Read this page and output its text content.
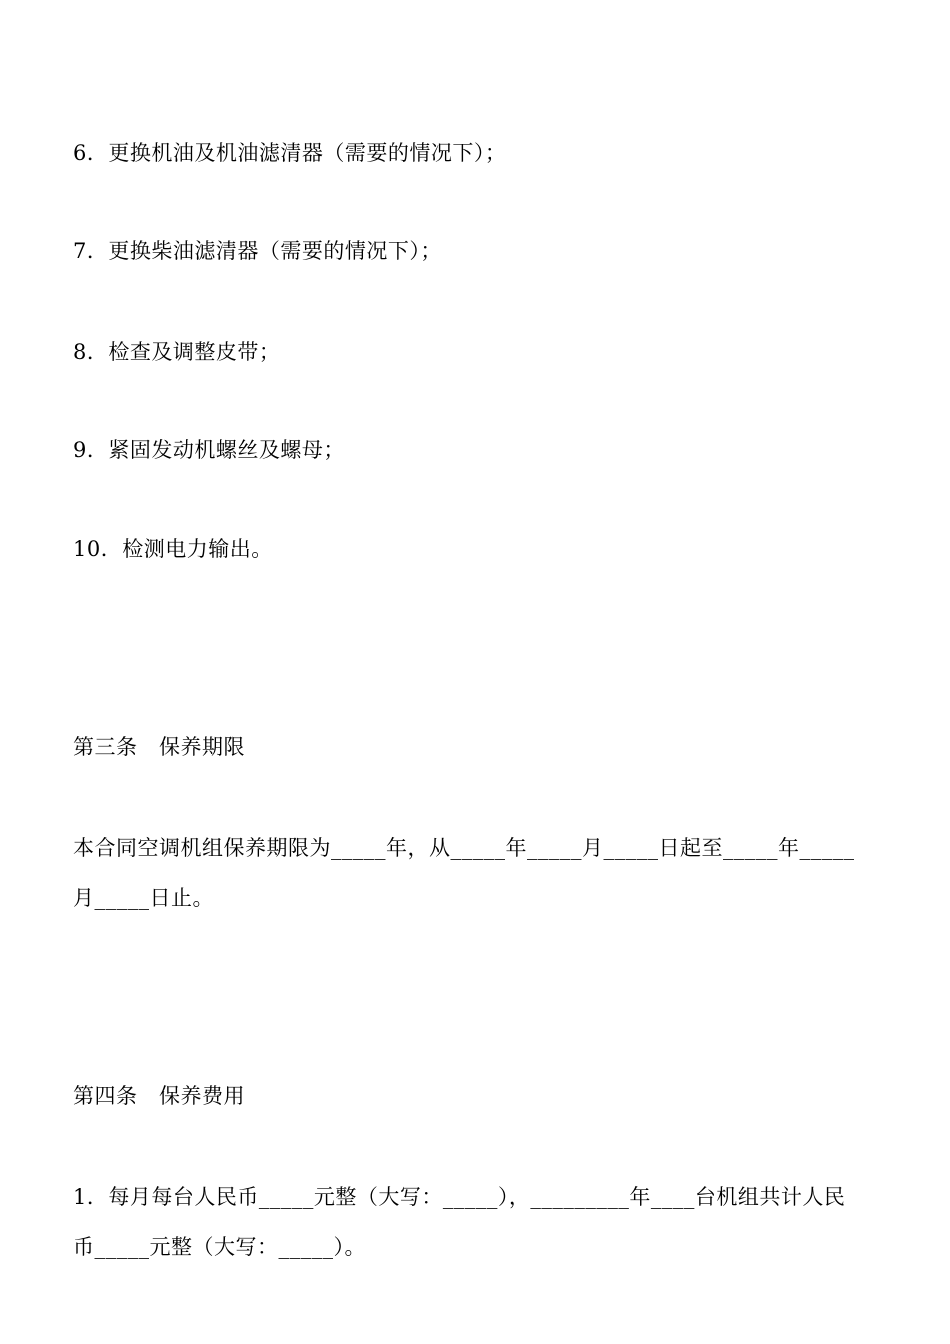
6．更换机油及机油滤清器（需要的情况下）；
7．更换柴油滤清器（需要的情况下）；
8．检查及调整皮带；
9．紧固发动机螺丝及螺母；
10．检测电力输出。
第三条　保养期限
本合同空调机组保养期限为_____年，从_____年_____月_____日起至_____年_____
月_____日止。
第四条　保养费用
1．每月每台人民币_____元整（大写：_____），_________年____台机组共计人民
币_____元整（大写：_____）。
